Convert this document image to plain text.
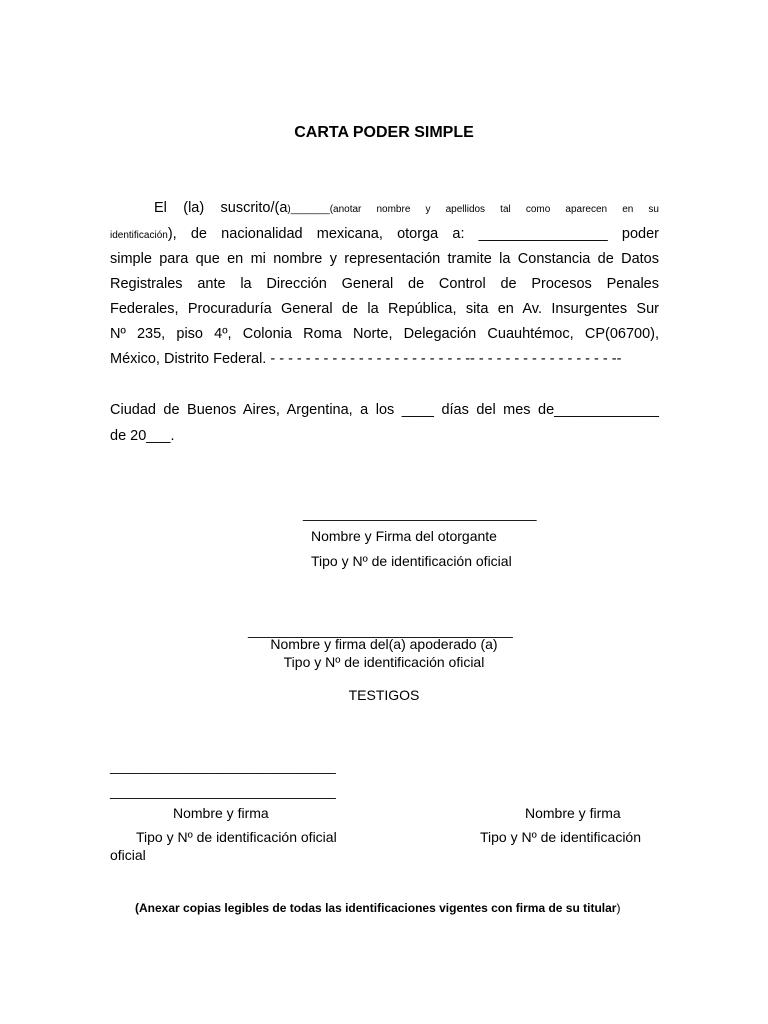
CARTA PODER SIMPLE
El (la) suscrito/(a)_______(anotar nombre y apellidos tal como aparecen en su
identificación), de nacionalidad mexicana, otorga a: ________________ poder
simple para que en mi nombre y representación tramite la Constancia de Datos
Registrales ante la Dirección General de Control de Procesos Penales
Federales, Procuraduría General de la República, sita en Av. Insurgentes Sur
Nº 235, piso 4º, Colonia Roma Norte, Delegación Cuauhtémoc, CP(06700),
México, Distrito Federal. - - - - - - - - - - - - - - - - - - - - - - -- - - - - - - - - - - - - - - - --
Ciudad de Buenos Aires, Argentina, a los ____ días del mes de_____________
de 20___.
______________________________
Nombre y Firma del otorgante
Tipo y Nº de identificación oficial
__________________________________
Nombre y firma del(a) apoderado (a)
Tipo y Nº de identificación oficial
TESTIGOS
_____________________________
_____________________________
Nombre y firma
Tipo y Nº de identificación oficial
oficial
Nombre y firma
Tipo y Nº de identificación
(Anexar copias legibles de todas las identificaciones vigentes con firma de su titular)
